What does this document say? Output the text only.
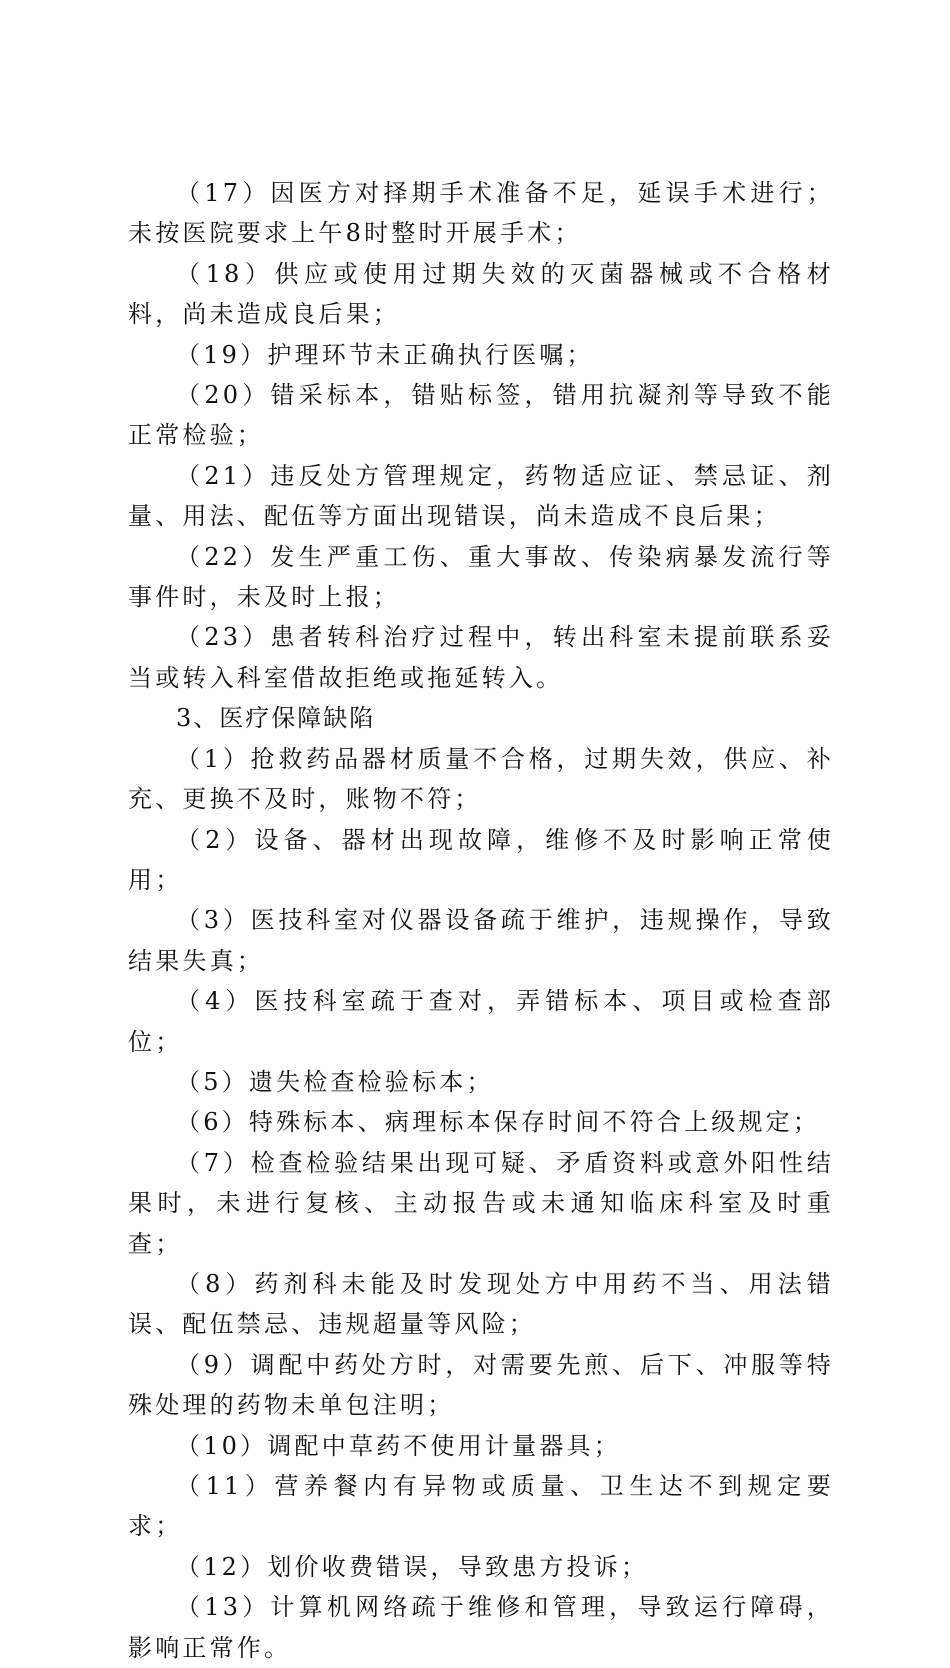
（17）因医方对择期手术准备不足，延误手术进行；未按医院要求上午8时整时开展手术；

（18）供应或使用过期失效的灭菌器械或不合格材料，尚未造成良后果；

（19）护理环节未正确执行医嘱；

（20）错采标本，错贴标签，错用抗凝剂等导致不能正常检验；

（21）违反处方管理规定，药物适应证、禁忌证、剂量、用法、配伍等方面出现错误，尚未造成不良后果；

（22）发生严重工伤、重大事故、传染病暴发流行等事件时，未及时上报；

（23）患者转科治疗过程中，转出科室未提前联系妥当或转入科室借故拒绝或拖延转入。

3、医疗保障缺陷

（1）抢救药品器材质量不合格，过期失效，供应、补充、更换不及时，账物不符；

（2）设备、器材出现故障，维修不及时影响正常使用；

（3）医技科室对仪器设备疏于维护，违规操作，导致结果失真；

（4）医技科室疏于查对，弄错标本、项目或检查部位；

（5）遗失检查检验标本；

（6）特殊标本、病理标本保存时间不符合上级规定；

（7）检查检验结果出现可疑、矛盾资料或意外阳性结果时，未进行复核、主动报告或未通知临床科室及时重查；

（8）药剂科未能及时发现处方中用药不当、用法错误、配伍禁忌、违规超量等风险；

（9）调配中药处方时，对需要先煎、后下、冲服等特殊处理的药物未单包注明；

（10）调配中草药不使用计量器具；

（11）营养餐内有异物或质量、卫生达不到规定要求；

（12）划价收费错误，导致患方投诉；

（13）计算机网络疏于维修和管理，导致运行障碍，影响正常作。
